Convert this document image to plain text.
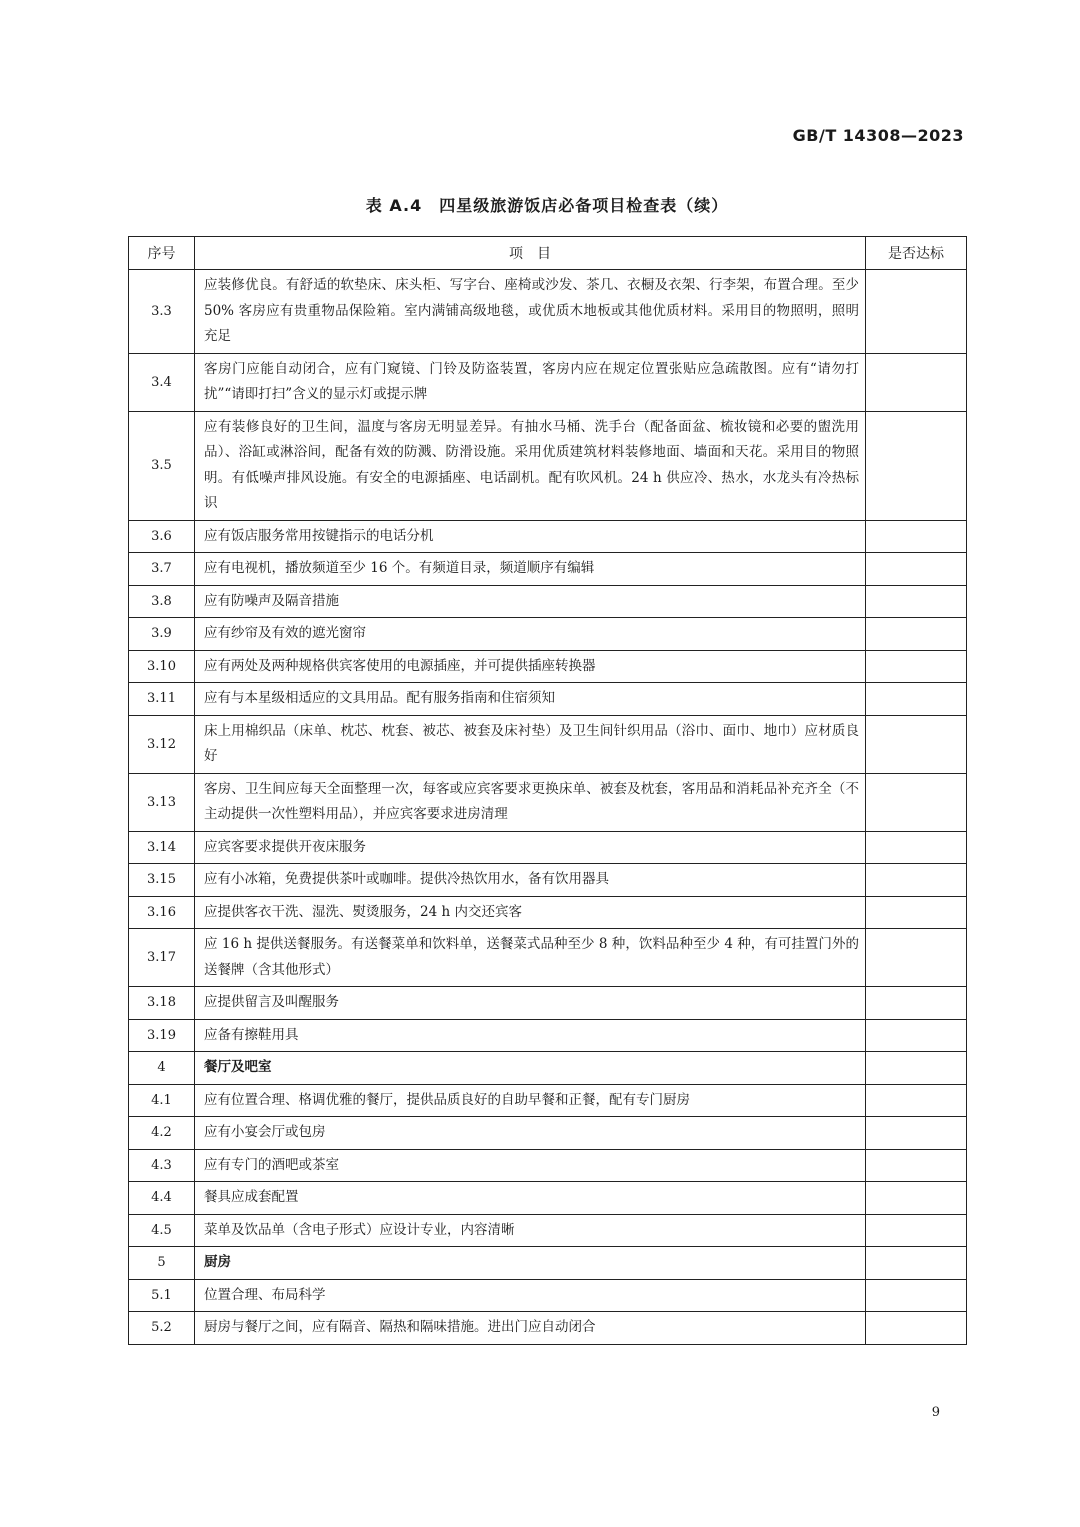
GB/T 14308—2023
表 A.4　四星级旅游饭店必备项目检查表（续）
序号	项　目	是否达标
3.3	应装修优良。有舒适的软垫床、床头柜、写字台、座椅或沙发、茶几、衣橱及衣架、行李架，布置合理。至少 50% 客房应有贵重物品保险箱。室内满铺高级地毯，或优质木地板或其他优质材料。采用目的物照明，照明充足	
3.4	客房门应能自动闭合，应有门窥镜、门铃及防盗装置，客房内应在规定位置张贴应急疏散图。应有“请勿打扰”“请即打扫”含义的显示灯或提示牌	
3.5	应有装修良好的卫生间，温度与客房无明显差异。有抽水马桶、洗手台（配备面盆、梳妆镜和必要的盥洗用品）、浴缸或淋浴间，配备有效的防溅、防滑设施。采用优质建筑材料装修地面、墙面和天花。采用目的物照明。有低噪声排风设施。有安全的电源插座、电话副机。配有吹风机。24 h 供应冷、热水，水龙头有冷热标识	
3.6	应有饭店服务常用按键指示的电话分机	
3.7	应有电视机，播放频道至少 16 个。有频道目录，频道顺序有编辑	
3.8	应有防噪声及隔音措施	
3.9	应有纱帘及有效的遮光窗帘	
3.10	应有两处及两种规格供宾客使用的电源插座，并可提供插座转换器	
3.11	应有与本星级相适应的文具用品。配有服务指南和住宿须知	
3.12	床上用棉织品（床单、枕芯、枕套、被芯、被套及床衬垫）及卫生间针织用品（浴巾、面巾、地巾）应材质良好	
3.13	客房、卫生间应每天全面整理一次，每客或应宾客要求更换床单、被套及枕套，客用品和消耗品补充齐全（不主动提供一次性塑料用品），并应宾客要求进房清理	
3.14	应宾客要求提供开夜床服务	
3.15	应有小冰箱，免费提供茶叶或咖啡。提供冷热饮用水，备有饮用器具	
3.16	应提供客衣干洗、湿洗、熨烫服务，24 h 内交还宾客	
3.17	应 16 h 提供送餐服务。有送餐菜单和饮料单，送餐菜式品种至少 8 种，饮料品种至少 4 种，有可挂置门外的送餐牌（含其他形式）	
3.18	应提供留言及叫醒服务	
3.19	应备有擦鞋用具	
4	餐厅及吧室	
4.1	应有位置合理、格调优雅的餐厅，提供品质良好的自助早餐和正餐，配有专门厨房	
4.2	应有小宴会厅或包房	
4.3	应有专门的酒吧或茶室	
4.4	餐具应成套配置	
4.5	菜单及饮品单（含电子形式）应设计专业，内容清晰	
5	厨房	
5.1	位置合理、布局科学	
5.2	厨房与餐厅之间，应有隔音、隔热和隔味措施。进出门应自动闭合	
9
